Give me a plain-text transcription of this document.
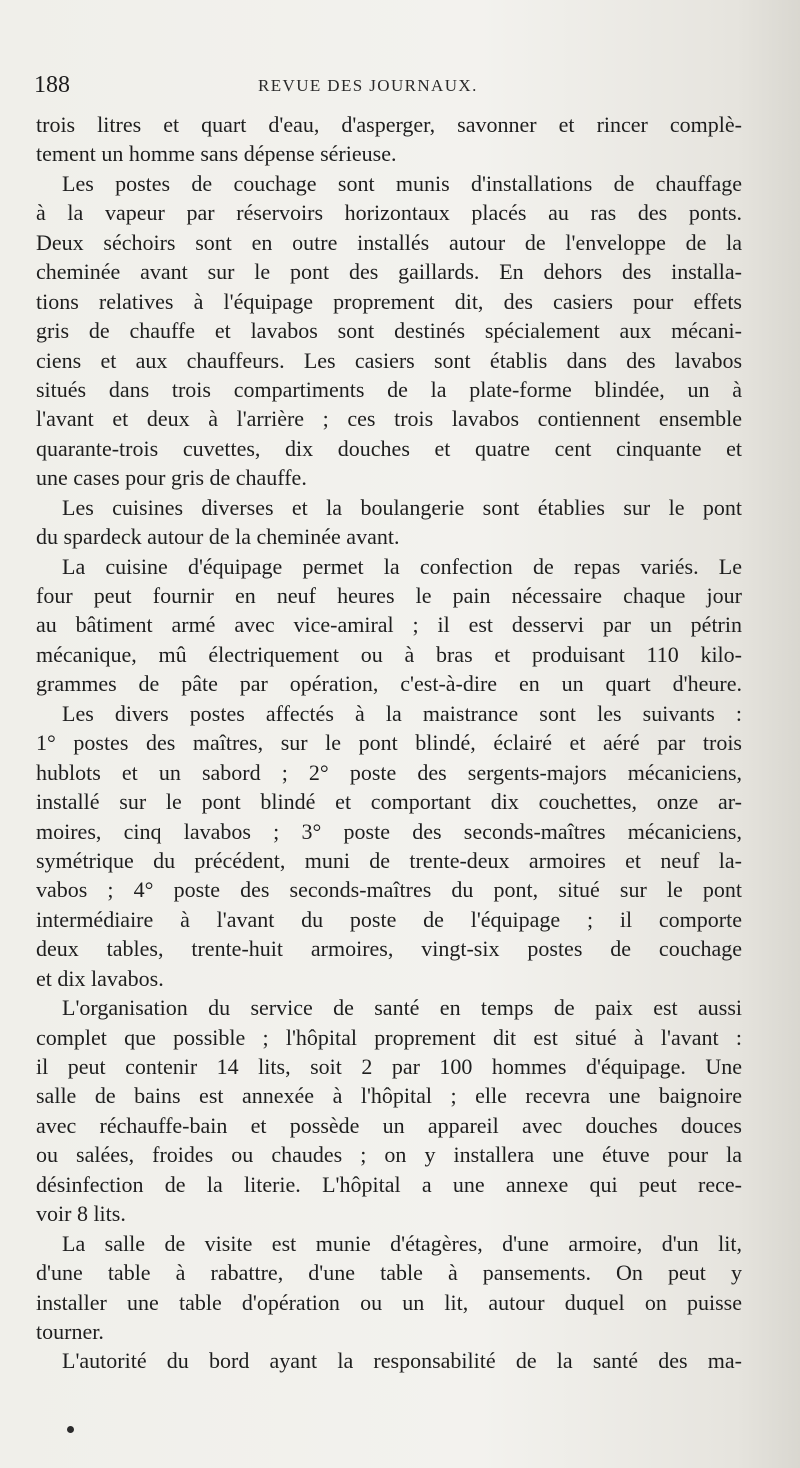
188	REVUE DES JOURNAUX.
trois litres et quart d'eau, d'asperger, savonner et rincer complè-
tement un homme sans dépense sérieuse.
Les postes de couchage sont munis d'installations de chauffage
à la vapeur par réservoirs horizontaux placés au ras des ponts.
Deux séchoirs sont en outre installés autour de l'enveloppe de la
cheminée avant sur le pont des gaillards. En dehors des installa-
tions relatives à l'équipage proprement dit, des casiers pour effets
gris de chauffe et lavabos sont destinés spécialement aux mécani-
ciens et aux chauffeurs. Les casiers sont établis dans des lavabos
situés dans trois compartiments de la plate-forme blindée, un à
l'avant et deux à l'arrière ; ces trois lavabos contiennent ensemble
quarante-trois cuvettes, dix douches et quatre cent cinquante et
une cases pour gris de chauffe.
Les cuisines diverses et la boulangerie sont établies sur le pont
du spardeck autour de la cheminée avant.
La cuisine d'équipage permet la confection de repas variés. Le
four peut fournir en neuf heures le pain nécessaire chaque jour
au bâtiment armé avec vice-amiral ; il est desservi par un pétrin
mécanique, mû électriquement ou à bras et produisant 110 kilo-
grammes de pâte par opération, c'est-à-dire en un quart d'heure.
Les divers postes affectés à la maistrance sont les suivants :
1° postes des maîtres, sur le pont blindé, éclairé et aéré par trois
hublots et un sabord ; 2° poste des sergents-majors mécaniciens,
installé sur le pont blindé et comportant dix couchettes, onze ar-
moires, cinq lavabos ; 3° poste des seconds-maîtres mécaniciens,
symétrique du précédent, muni de trente-deux armoires et neuf la-
vabos ; 4° poste des seconds-maîtres du pont, situé sur le pont
intermédiaire à l'avant du poste de l'équipage ; il comporte
deux tables, trente-huit armoires, vingt-six postes de couchage
et dix lavabos.
L'organisation du service de santé en temps de paix est aussi
complet que possible ; l'hôpital proprement dit est situé à l'avant :
il peut contenir 14 lits, soit 2 par 100 hommes d'équipage. Une
salle de bains est annexée à l'hôpital ; elle recevra une baignoire
avec réchauffe-bain et possède un appareil avec douches douces
ou salées, froides ou chaudes ; on y installera une étuve pour la
désinfection de la literie. L'hôpital a une annexe qui peut rece-
voir 8 lits.
La salle de visite est munie d'étagères, d'une armoire, d'un lit,
d'une table à rabattre, d'une table à pansements. On peut y
installer une table d'opération ou un lit, autour duquel on puisse
tourner.
L'autorité du bord ayant la responsabilité de la santé des ma-
